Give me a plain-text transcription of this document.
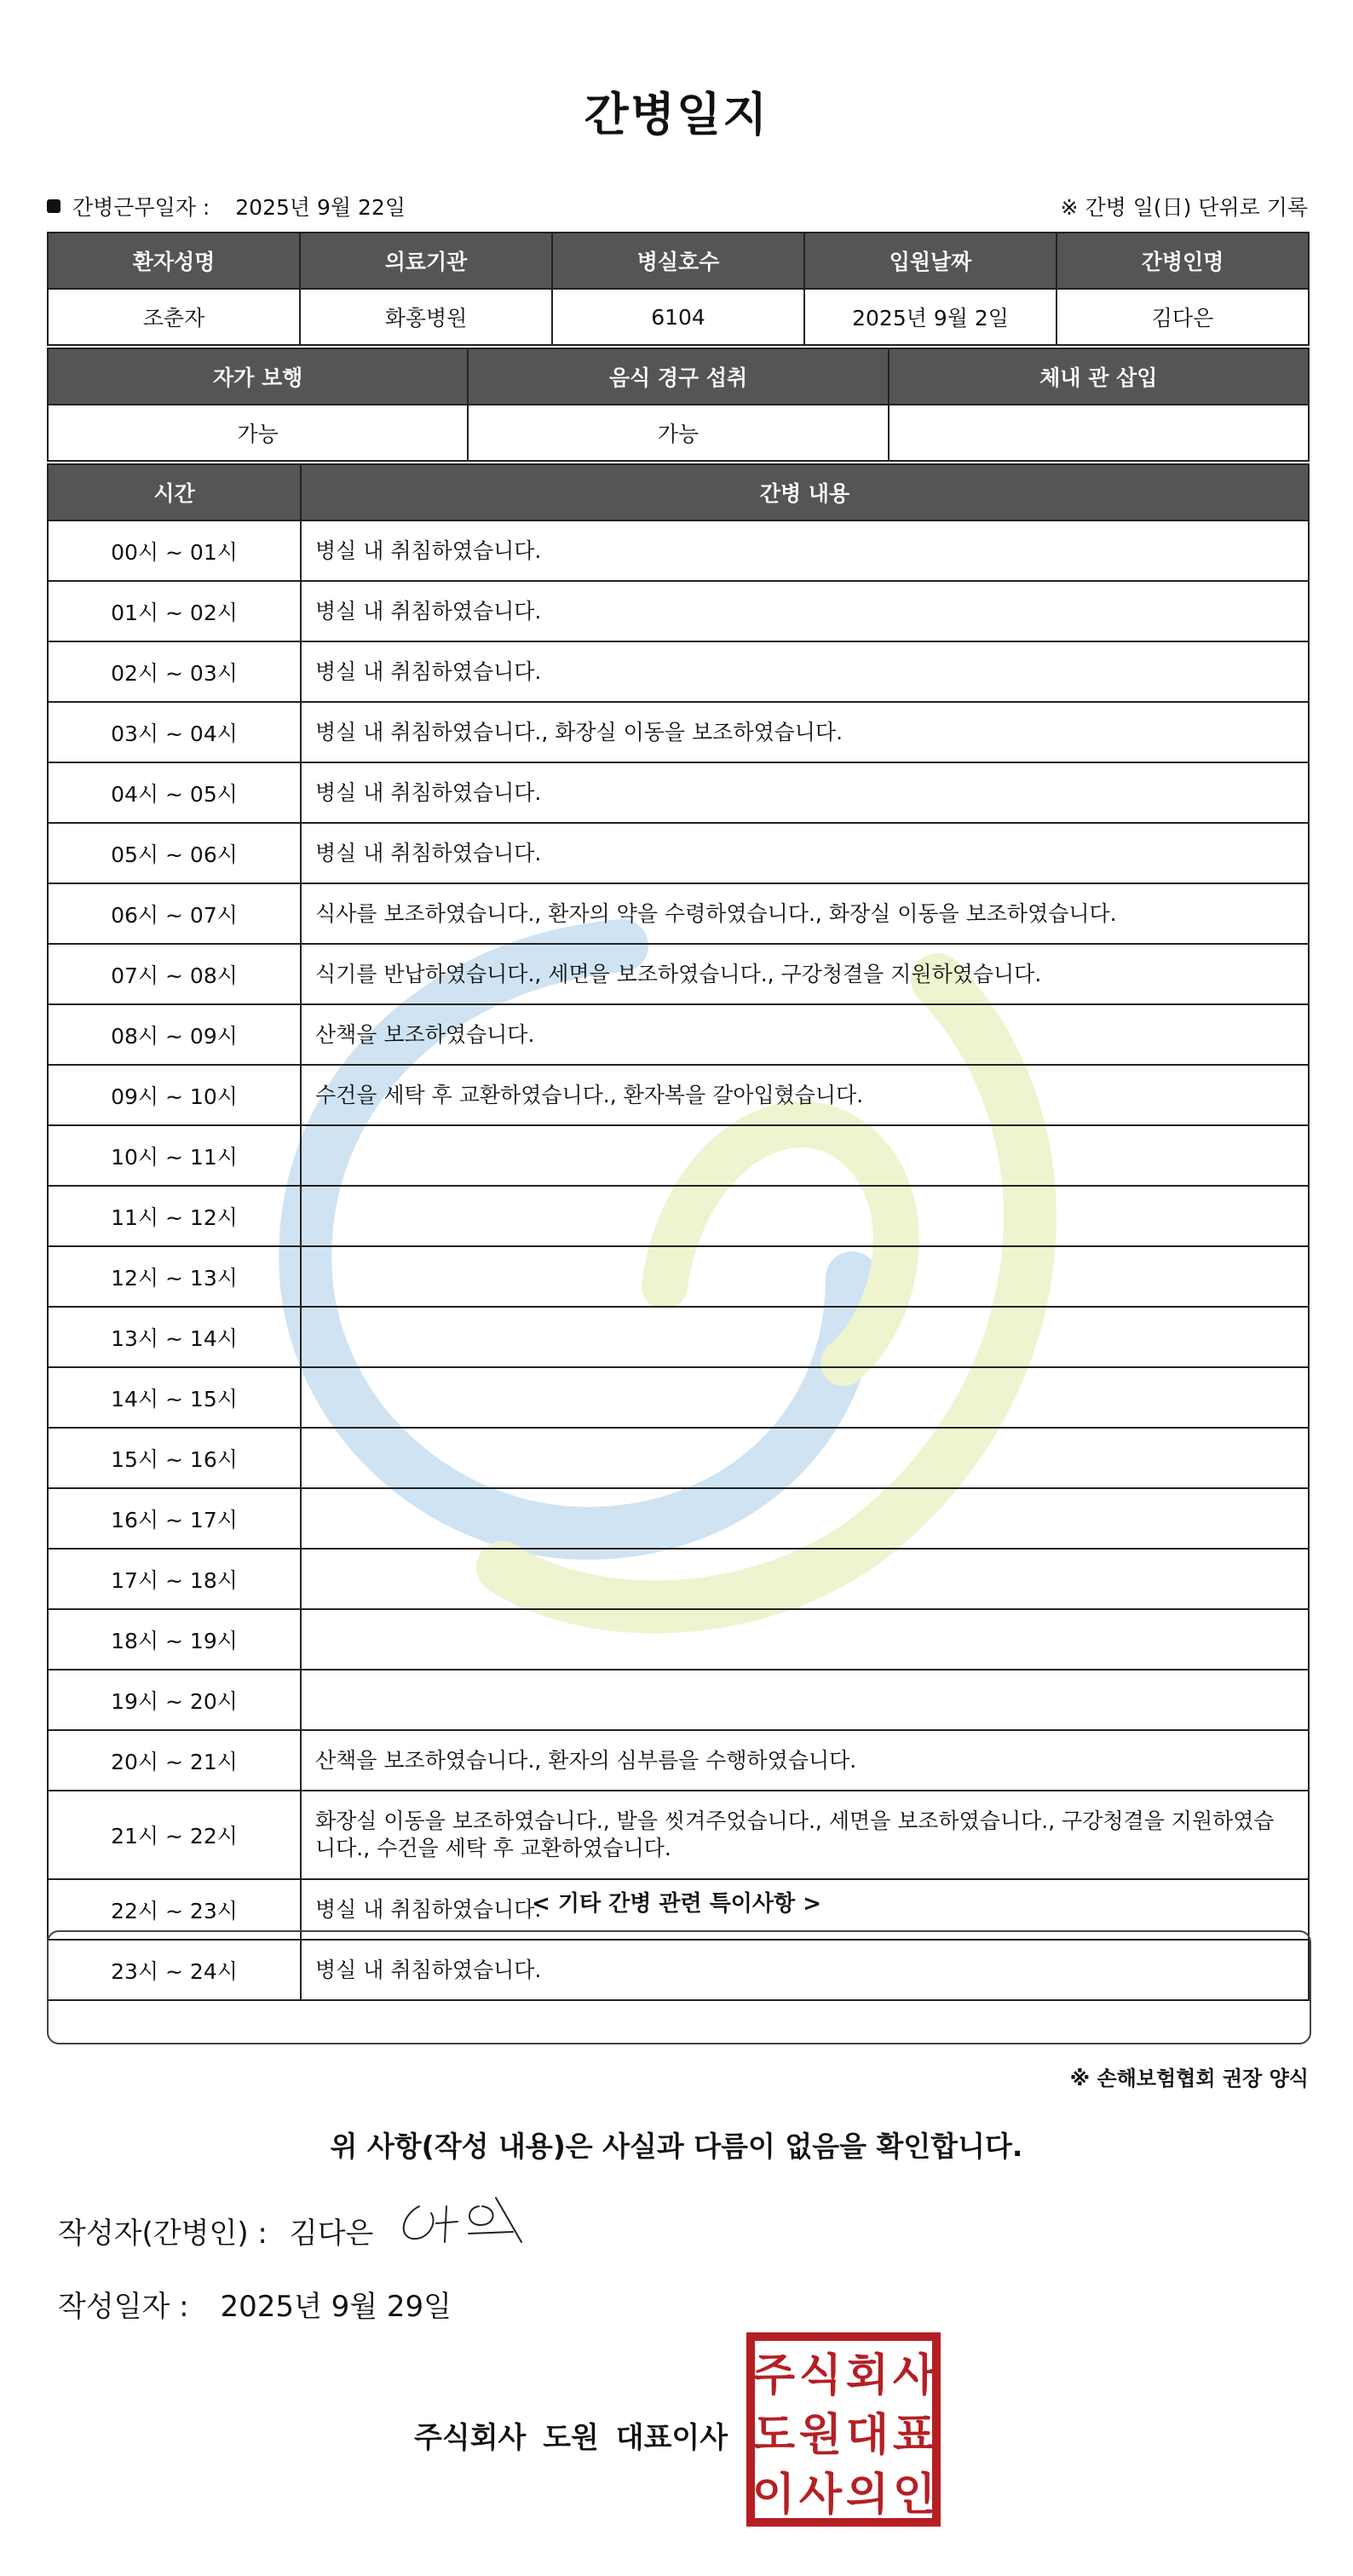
간병일지
간병근무일자 : 2025년 9월 22일	※ 간병 일(日) 단위로 기록
환자성명	의료기관	병실호수	입원날짜	간병인명
조춘자	화홍병원	6104	2025년 9월 2일	김다은
자가 보행	음식 경구 섭취	체내 관 삽입
가능	가능	
시간	간병 내용
00시 ~ 01시	병실 내 취침하였습니다.
01시 ~ 02시	병실 내 취침하였습니다.
02시 ~ 03시	병실 내 취침하였습니다.
03시 ~ 04시	병실 내 취침하였습니다., 화장실 이동을 보조하였습니다.
04시 ~ 05시	병실 내 취침하였습니다.
05시 ~ 06시	병실 내 취침하였습니다.
06시 ~ 07시	식사를 보조하였습니다., 환자의 약을 수령하였습니다., 화장실 이동을 보조하였습니다.
07시 ~ 08시	식기를 반납하였습니다., 세면을 보조하였습니다., 구강청결을 지원하였습니다.
08시 ~ 09시	산책을 보조하였습니다.
09시 ~ 10시	수건을 세탁 후 교환하였습니다., 환자복을 갈아입혔습니다.
10시 ~ 11시	
11시 ~ 12시	
12시 ~ 13시	
13시 ~ 14시	
14시 ~ 15시	
15시 ~ 16시	
16시 ~ 17시	
17시 ~ 18시	
18시 ~ 19시	
19시 ~ 20시	
20시 ~ 21시	산책을 보조하였습니다., 환자의 심부름을 수행하였습니다.
21시 ~ 22시	화장실 이동을 보조하였습니다., 발을 씻겨주었습니다., 세면을 보조하였습니다., 구강청결을 지원하였습니다., 수건을 세탁 후 교환하였습니다.
22시 ~ 23시	병실 내 취침하였습니다.
23시 ~ 24시	병실 내 취침하였습니다.
< 기타 간병 관련 특이사항 >
※ 손해보험협회 권장 양식
위 사항(작성 내용)은 사실과 다름이 없음을 확인합니다.
작성자(간병인) : 김다은
작성일자 : 2025년 9월 29일
주식회사 도원 대표이사
주 식 회 사
도 원 대 표
이 사 의 인
